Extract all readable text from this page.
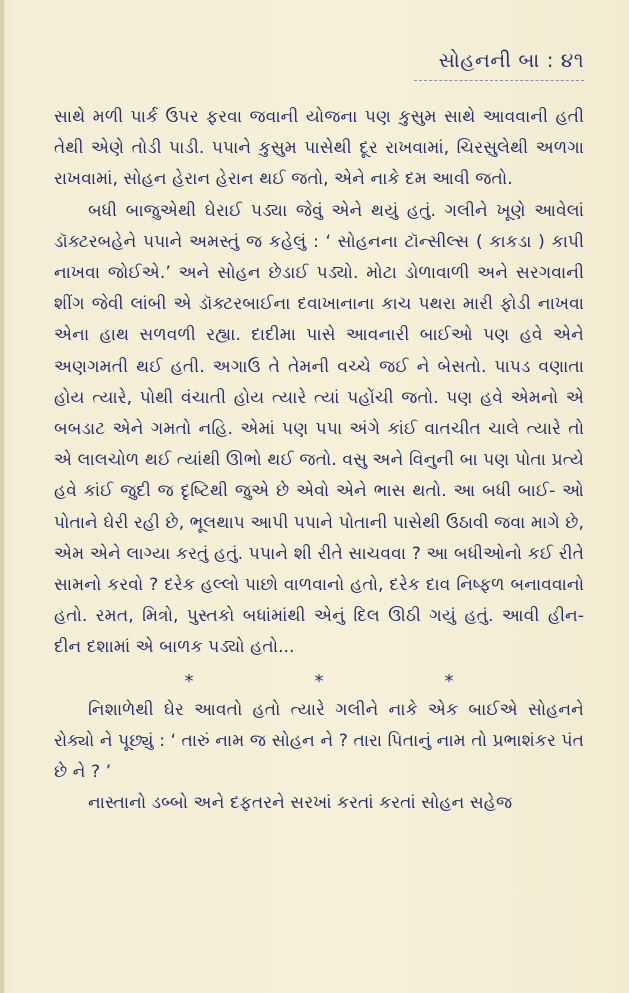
સોહનની બા : ૪૧

સાથે મળી પાર્ક ઉપર ફરવા જવાની યોજના પણ કુસુમ સાથે આવવાની હતી તેથી એણે તોડી પાડી. પપાને કુસુમ પાસેથી દૂર રાખવામાં, ચિરસુલેથી અળગા રાખવામાં, સોહન હેરાન હેરાન થઈ જતો, એને નાકે દમ આવી જતો.

બધી બાજુએથી ઘેરાઈ પડ્યા જેવું એને થયું હતું. ગલીને ખૂણે આવેલાં ડૉક્ટરબહેને પપાને અમસ્તું જ કહેલું : ‘ સોહનના ટૉન્સીલ્સ ( કાકડા ) કાપી નાખવા જોઈએ.’ અને સોહન છેડાઈ પડ્યો. મોટા ડોળાવાળી અને સરગવાની શીંગ જેવી લાંબી એ ડૉક્ટરબાઈના દવાખાનાના કાચ પથરા મારી ફોડી નાખવા એના હાથ સળવળી રહ્યા. દાદીમા પાસે આવનારી બાઈઓ પણ હવે એને અણગમતી થઈ હતી. અગાઉ તે તેમની વચ્ચે જઈ ને બેસતો. પાપડ વણાતા હોય ત્યારે, પોથી વંચાતી હોય ત્યારે ત્યાં પહોંચી જતો. પણ હવે એમનો એ બબડાટ એને ગમતો નહિ. એમાં પણ પપા અંગે કાંઈ વાતચીત ચાલે ત્યારે તો એ લાલચોળ થઈ ત્યાંથી ઊભો થઈ જતો. વસુ અને વિનુની બા પણ પોતા પ્રત્યે હવે કાંઈ જુદી જ દૃષ્ટિથી જુએ છે એવો એને ભાસ થતો. આ બધી બાઈ- ઓ પોતાને ઘેરી રહી છે, ભૂલથાપ આપી પપાને પોતાની પાસેથી ઉઠાવી જવા માગે છે, એમ એને લાગ્યા કરતું હતું. પપાને શી રીતે સાચવવા ? આ બધીઓનો કઈ રીતે સામનો કરવો ? દરેક હલ્લો પાછો વાળવાનો હતો, દરેક દાવ નિષ્ફળ બનાવવાનો હતો. રમત, મિત્રો, પુસ્તકો બધાંમાંથી એનું દિલ ઊઠી ગયું હતું. આવી હીન- દીન દશામાં એ બાળક પડ્યો હતો...

*	*	*

નિશાળેથી ઘેર આવતો હતો ત્યારે ગલીને નાકે એક બાઈએ સોહનને રોક્યો ને પૂછ્યું : ‘ તારું નામ જ સોહન ને ? તારા પિતાનું નામ તો પ્રભાશંકર પંત છે ને ? ’

નાસ્તાનો ડબ્બો અને દફતરને સરખાં કરતાં કરતાં સોહન સહેજ
